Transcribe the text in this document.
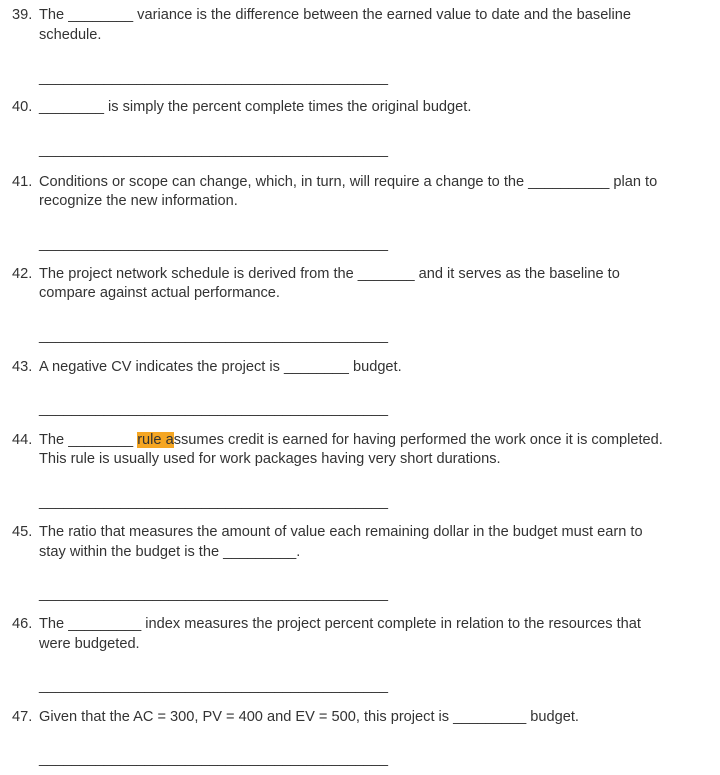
39. The ________ variance is the difference between the earned value to date and the baseline
schedule.
___________________________________________
40. ________ is simply the percent complete times the original budget.
___________________________________________
41. Conditions or scope can change, which, in turn, will require a change to the __________ plan to
recognize the new information.
___________________________________________
42. The project network schedule is derived from the _______ and it serves as the baseline to
compare against actual performance.
___________________________________________
43. A negative CV indicates the project is ________ budget.
___________________________________________
44. The ________ rule assumes credit is earned for having performed the work once it is completed.
This rule is usually used for work packages having very short durations.
___________________________________________
45. The ratio that measures the amount of value each remaining dollar in the budget must earn to
stay within the budget is the _________.
___________________________________________
46. The _________ index measures the project percent complete in relation to the resources that
were budgeted.
___________________________________________
47. Given that the AC = 300, PV = 400 and EV = 500, this project is _________ budget.
___________________________________________
